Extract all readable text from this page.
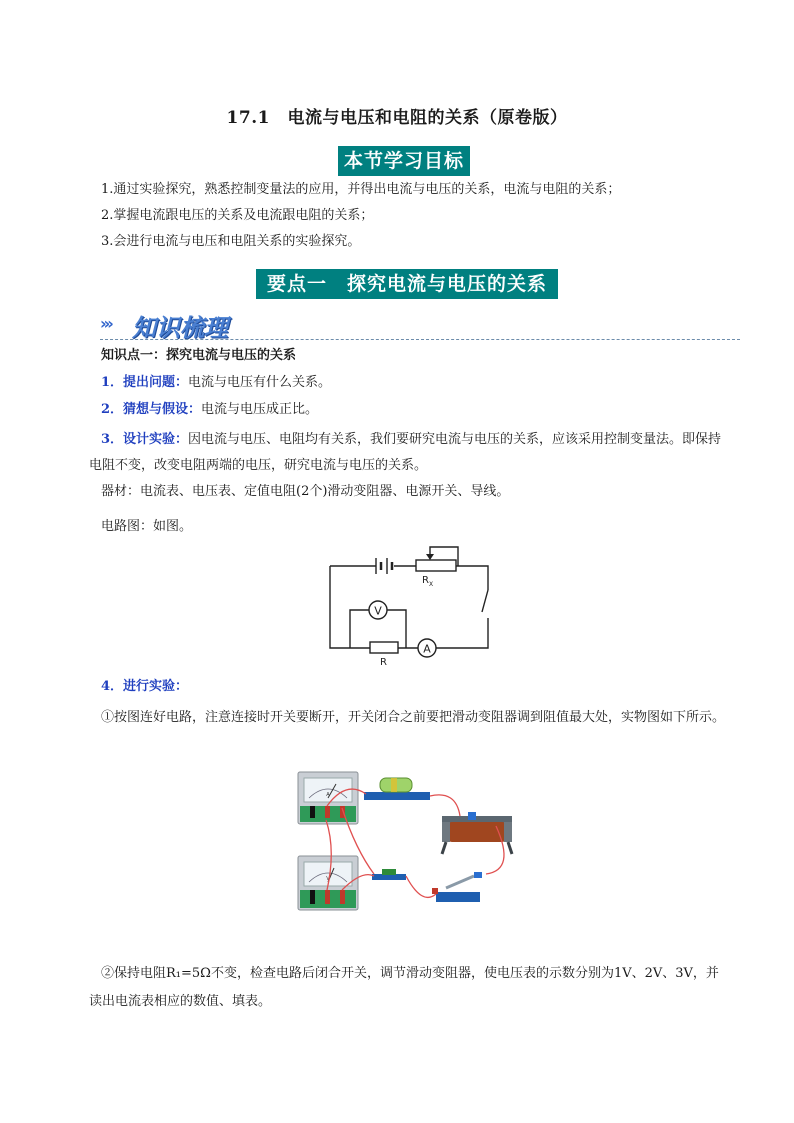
17.1　电流与电压和电阻的关系（原卷版）
本节学习目标
1.通过实验探究，熟悉控制变量法的应用，并得出电流与电压的关系，电流与电阻的关系；
2.掌握电流跟电压的关系及电流跟电阻的关系；
3.会进行电流与电压和电阻关系的实验探究。
要点一　探究电流与电压的关系
››› 知识梳理
知识点一：探究电流与电压的关系
1．提出问题：电流与电压有什么关系。
2．猜想与假设：电流与电压成正比。
3．设计实验：因电流与电压、电阻均有关系，我们要研究电流与电压的关系，应该采用控制变量法。即保持电阻不变，改变电阻两端的电压，研究电流与电压的关系。
器材：电流表、电压表、定值电阻(2个)滑动变阻器、电源开关、导线。
电路图：如图。
V
A
R X
R
4．进行实验：
①按图连好电路，注意连接时开关要断开，开关闭合之前要把滑动变阻器调到阻值最大处，实物图如下所示。
A
V
②保持电阻R₁=5Ω不变，检查电路后闭合开关，调节滑动变阻器，使电压表的示数分别为1V、2V、3V，并读出电流表相应的数值、填表。
